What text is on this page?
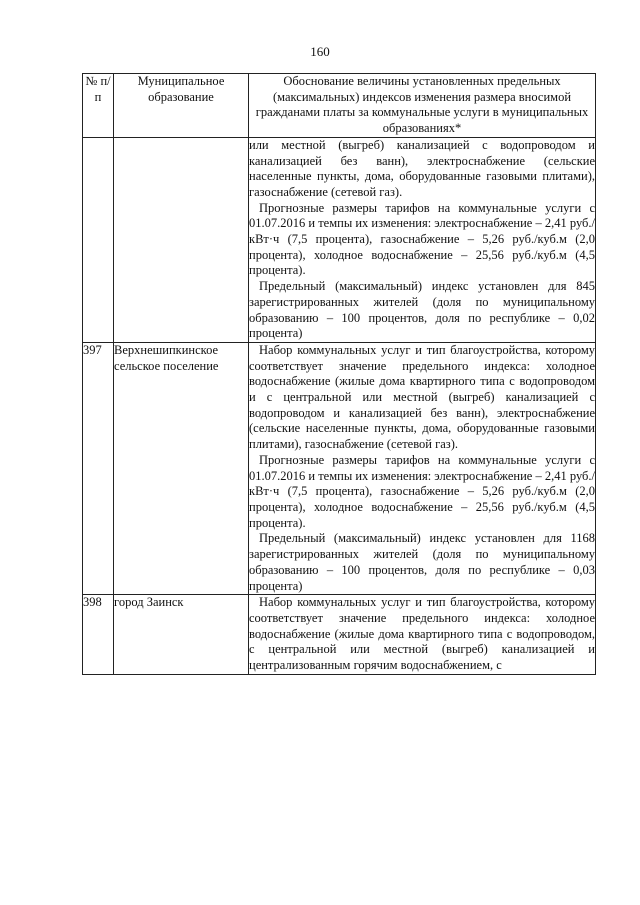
160
№ п/п	Муниципальное образование	Обоснование величины установленных предельных (максимальных) индексов изменения размера вносимой гражданами платы за коммунальные услуги в муниципальных образованиях*

		или местной (выгреб) канализацией с водопроводом и канализацией без ванн), электроснабжение (сельские населенные пункты, дома, оборудованные газовыми плитами), газоснабжение (сетевой газ).

Прогнозные размеры тарифов на коммунальные услуги с 01.07.2016 и темпы их изменения: электроснабжение – 2,41 руб./кВт·ч (7,5 процента), газоснабжение – 5,26 руб./куб.м (2,0 процента), холодное водоснабжение – 25,56 руб./куб.м (4,5 процента).

Предельный (максимальный) индекс установлен для 845 зарегистрированных жителей (доля по муниципальному образованию – 100 процентов, доля по республике – 0,02 процента)

397	Верхнешипкинское сельское поселение	Набор коммунальных услуг и тип благоустройства, которому соответствует значение предельного индекса: холодное водоснабжение (жилые дома квартирного типа с водопроводом и с центральной или местной (выгреб) канализацией с водопроводом и канализацией без ванн), электроснабжение (сельские населенные пункты, дома, оборудованные газовыми плитами), газоснабжение (сетевой газ).

Прогнозные размеры тарифов на коммунальные услуги с 01.07.2016 и темпы их изменения: электроснабжение – 2,41 руб./кВт·ч (7,5 процента), газоснабжение – 5,26 руб./куб.м (2,0 процента), холодное водоснабжение – 25,56 руб./куб.м (4,5 процента).

Предельный (максимальный) индекс установлен для 1168 зарегистрированных жителей (доля по муниципальному образованию – 100 процентов, доля по республике – 0,03 процента)

398	город Заинск	Набор коммунальных услуг и тип благоустройства, которому соответствует значение предельного индекса: холодное водоснабжение (жилые дома квартирного типа с водопроводом, с центральной или местной (выгреб) канализацией и централизованным горячим водоснабжением, с
